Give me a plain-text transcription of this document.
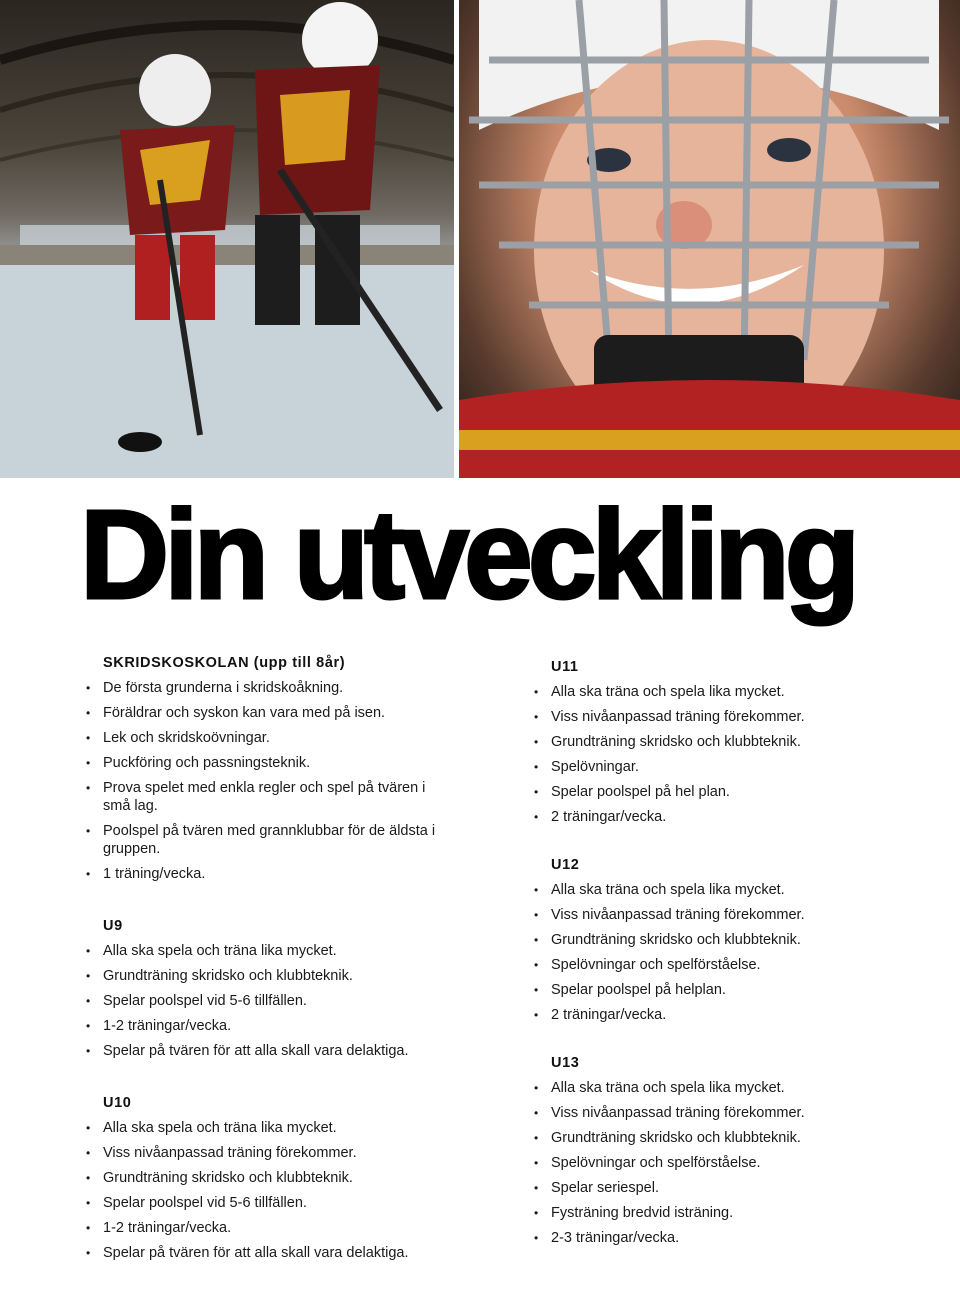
Din utveckling
SKRIDSKOSKOLAN (upp till 8år)
• De första grunderna i skridskoåkning.
• Föräldrar och syskon kan vara med på isen.
• Lek och skridskoövningar.
• Puckföring och passningsteknik.
• Prova spelet med enkla regler och spel på tvären i små lag.
• Poolspel på tvären med grannklubbar för de äldsta i gruppen.
• 1 träning/vecka.
U9
• Alla ska spela och träna lika mycket.
• Grundträning skridsko och klubbteknik.
• Spelar poolspel vid 5-6 tillfällen.
• 1-2 träningar/vecka.
• Spelar på tvären för att alla skall vara delaktiga.
U10
• Alla ska spela och träna lika mycket.
• Viss nivåanpassad träning förekommer.
• Grundträning skridsko och klubbteknik.
• Spelar poolspel vid 5-6 tillfällen.
• 1-2 träningar/vecka.
• Spelar på tvären för att alla skall vara delaktiga.
U11
• Alla ska träna och spela lika mycket.
• Viss nivåanpassad träning förekommer.
• Grundträning skridsko och klubbteknik.
• Spelövningar.
• Spelar poolspel på hel plan.
• 2 träningar/vecka.
U12
• Alla ska träna och spela lika mycket.
• Viss nivåanpassad träning förekommer.
• Grundträning skridsko och klubbteknik.
• Spelövningar och spelförståelse.
• Spelar poolspel på helplan.
• 2 träningar/vecka.
U13
• Alla ska träna och spela lika mycket.
• Viss nivåanpassad träning förekommer.
• Grundträning skridsko och klubbteknik.
• Spelövningar och spelförståelse.
• Spelar seriespel.
• Fysträning bredvid isträning.
• 2-3 träningar/vecka.
